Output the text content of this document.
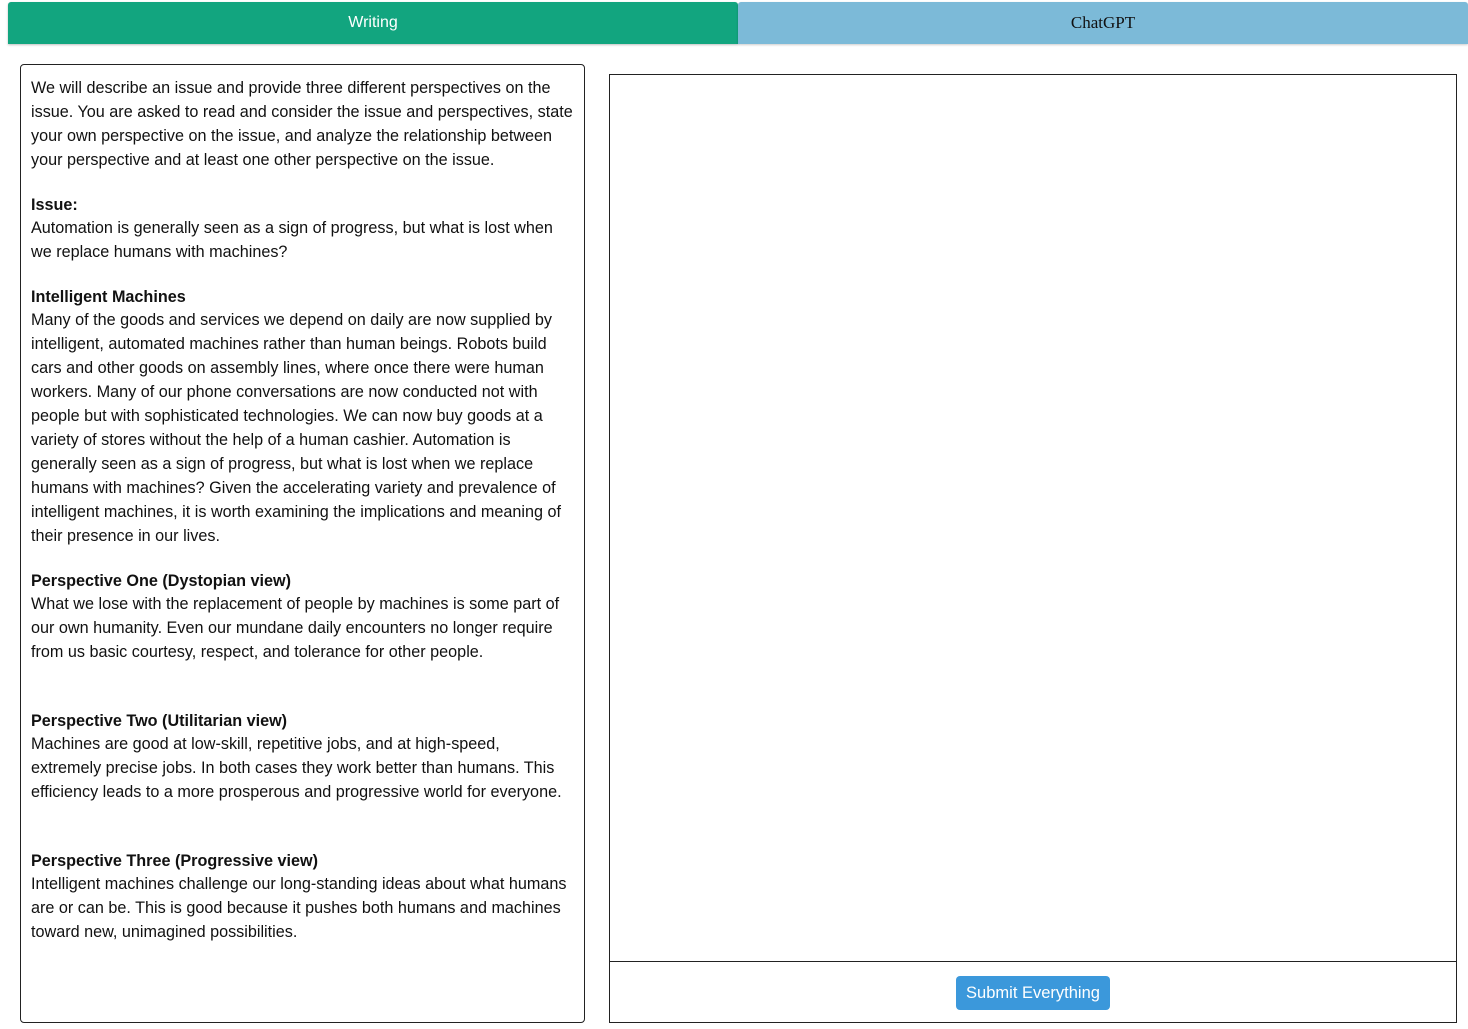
Writing	ChatGPT

We will describe an issue and provide three different perspectives on the issue. You are asked to read and consider the issue and perspectives, state your own perspective on the issue, and analyze the relationship between your perspective and at least one other perspective on the issue.

Issue:

Automation is generally seen as a sign of progress, but what is lost when we replace humans with machines?

Intelligent Machines

Many of the goods and services we depend on daily are now supplied by intelligent, automated machines rather than human beings. Robots build cars and other goods on assembly lines, where once there were human workers. Many of our phone conversations are now conducted not with people but with sophisticated technologies. We can now buy goods at a variety of stores without the help of a human cashier. Automation is generally seen as a sign of progress, but what is lost when we replace humans with machines? Given the accelerating variety and prevalence of intelligent machines, it is worth examining the implications and meaning of their presence in our lives.

Perspective One (Dystopian view)

What we lose with the replacement of people by machines is some part of our own humanity. Even our mundane daily encounters no longer require from us basic courtesy, respect, and tolerance for other people.

Perspective Two (Utilitarian view)

Machines are good at low-skill, repetitive jobs, and at high-speed, extremely precise jobs. In both cases they work better than humans. This efficiency leads to a more prosperous and progressive world for everyone.

Perspective Three (Progressive view)

Intelligent machines challenge our long-standing ideas about what humans are or can be. This is good because it pushes both humans and machines toward new, unimagined possibilities.

Submit Everything
